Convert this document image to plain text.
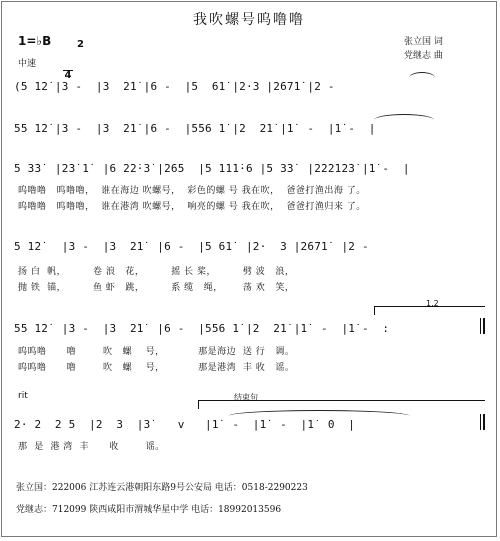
我吹螺号呜噜噜
张立国 词
党继志 曲
1=♭B	2

4

中速
(5 1̇2̇ |3 -  |3  2̇1̇ |6 -  |5  61̇ |2·3 |2̇67̇1̇ |2 -
55 1̇2̇ |3 -  |3  2̇1̇ |6 -  |556 1̇ |2  2̇1̇ |1̇  -  |1̇ -  |
5 3̇3̇  |2̇3̇ 1̇  |6 2̇2̇·3̇ |2̇65  |5 1̇1̇1̇·6 |5 3̇3̇  |2̇2̇2̇1̇2̇3̇ |1̇ -  |
呜噜噜   呜噜噜，  谁在海边 吹螺号，  彩色的螺 号 我在吹，  爸爸打渔出海 了。
呜噜噜   呜噜噜，  谁在港湾 吹螺号，  响亮的螺 号 我在吹，  爸爸打渔归来 了。
5 1̇2̇   |3 -  |3  2̇1̇  |6 -  |5 61̇  |2·  3 |2̇67̇1̇  |2 -
扬 白  帆，        卷 浪   花，        摇 长 桨，        劈 波   浪，
抛 铁  锚，        鱼 虾   跳，        系 缆   绳，      荡 欢   笑，
1.2
55 1̇2̇  |3 -  |3  2̇1̇  |6 -  |556 1̇ |2  2̇1̇ |1̇  -  |1̇ -  :
呜呜噜      噜        吹   螺    号，          那是海边  送 行   调。
呜呜噜      噜        吹   螺    号，          那是港湾  丰 收   谣。
rit	结束句
2· 2  2 5  |2  3  |3̇    v   |1̇  -  |1̇  -  |1̇  0  |
那  是  港 湾  丰      收        谣。
张立国：222006 江苏连云港朝阳东路9号公安局 电话：0518-2290223
党继志：712099 陕西咸阳市渭城华星中学 电话：18992013596
